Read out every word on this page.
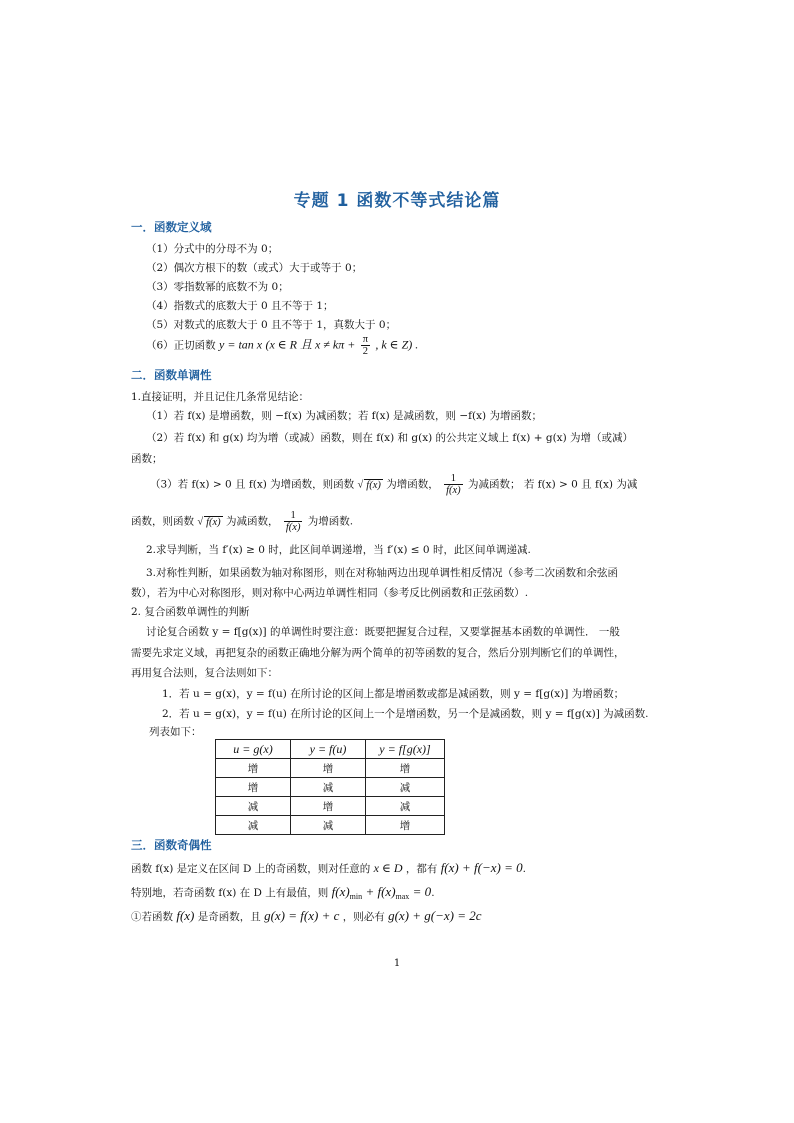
专题 1 函数不等式结论篇
一．函数定义域
（1）分式中的分母不为 0；
（2）偶次方根下的数（或式）大于或等于 0；
（3）零指数幂的底数不为 0；
（4）指数式的底数大于 0 且不等于 1；
（5）对数式的底数大于 0 且不等于 1，真数大于 0；
（6）正切函数 y = tan x (x ∈ R 且 $x \ne k\pi + \frac{\pi}{2}$ , k ∈ Z) .
二．函数单调性
1.直接证明，并且记住几条常见结论：
（1）若 f(x) 是增函数，则 −f(x) 为减函数；若 f(x) 是减函数，则 −f(x) 为增函数；
（2）若 f(x) 和 g(x) 均为增（或减）函数，则在 f(x) 和 g(x) 的公共定义域上 f(x) + g(x) 为增（或减）
函数；
（3）若 f(x) > 0 且 f(x) 为增函数，则函数 √ f(x) 为增函数， $\frac{1}{f(x)}$ 为减函数； 若 f(x) > 0 且 f(x) 为减
函数，则函数 √ f(x) 为减函数， $\frac{1}{f(x)}$ 为增函数.
2.求导判断，当 f′(x) ≥ 0 时，此区间单调递增，当 f′(x) ≤ 0 时，此区间单调递减.
3.对称性判断，如果函数为轴对称图形，则在对称轴两边出现单调性相反情况（参考二次函数和余弦函
数），若为中心对称图形，则对称中心两边单调性相同（参考反比例函数和正弦函数）.
2. 复合函数单调性的判断
讨论复合函数 y = f[g(x)] 的单调性时要注意：既要把握复合过程，又要掌握基本函数的单调性． 一般
需要先求定义域，再把复杂的函数正确地分解为两个简单的初等函数的复合，然后分别判断它们的单调性，
再用复合法则，复合法则如下：
1．若 u = g(x)，y = f(u) 在所讨论的区间上都是增函数或都是减函数，则 y = f[g(x)] 为增函数；
2．若 u = g(x)，y = f(u) 在所讨论的区间上一个是增函数，另一个是减函数，则 y = f[g(x)] 为减函数.
列表如下：
u = g(x)	y = f(u)	y = f[g(x)]
增	增	增
增	减	减
减	增	减
减	减	增
三．函数奇偶性
函数 f(x) 是定义在区间 D 上的奇函数，则对任意的 x ∈ D ，都有 f(x) + f(−x) = 0.
特别地，若奇函数 f(x) 在 D 上有最值，则 $f(x)_{min} + f(x)_{max} = 0$.
①若函数 f(x) 是奇函数，且 g(x) = f(x) + c ，则必有 g(x) + g(−x) = 2c
1
